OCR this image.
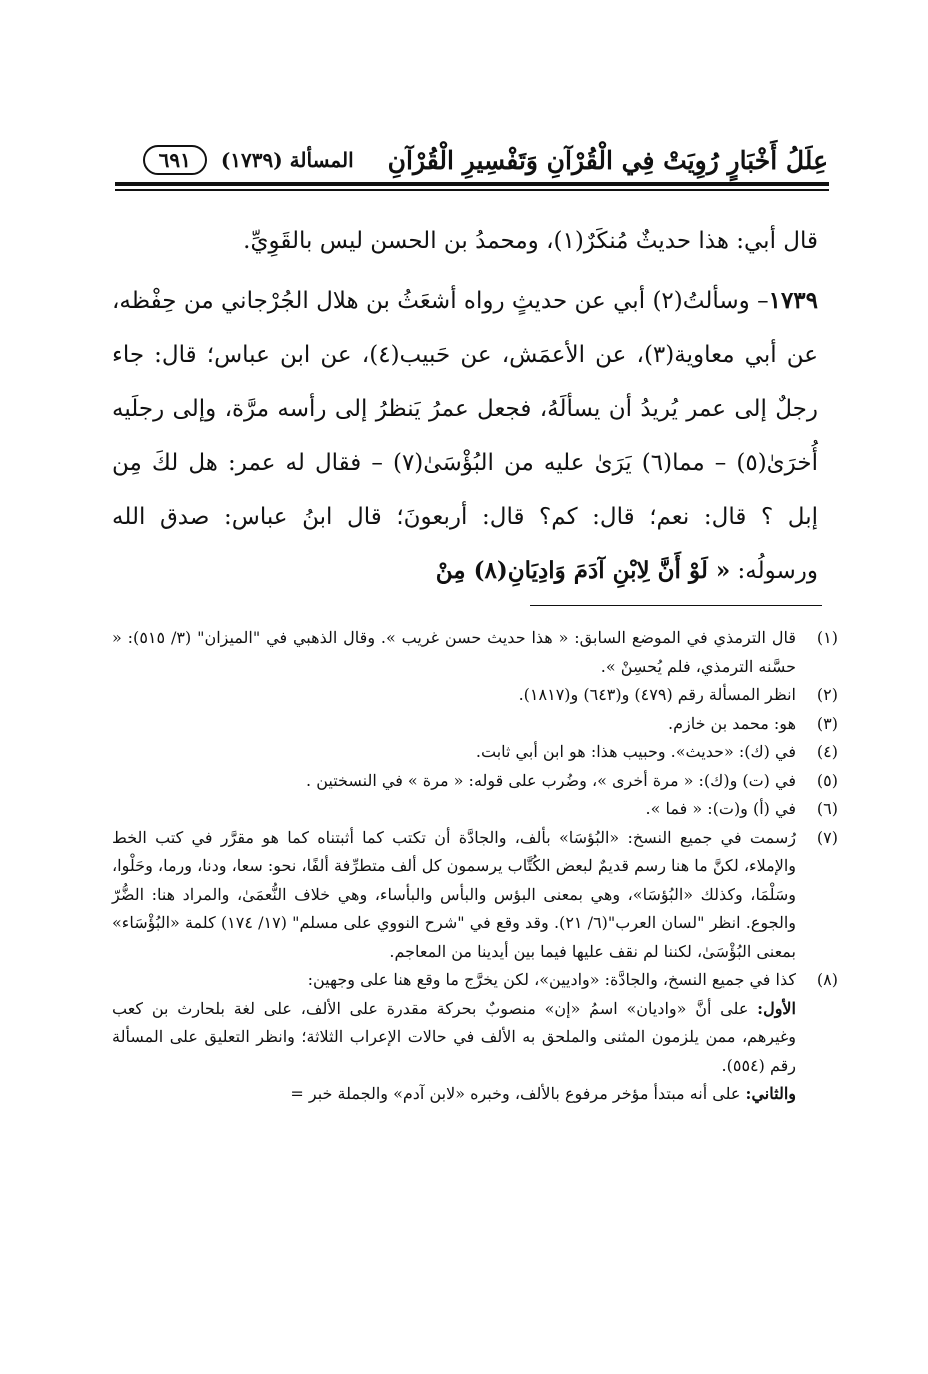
عِلَلُ أَخْبَارٍ رُوِيَتْ فِي الْقُرْآنِ وَتَفْسِيرِ الْقُرْآنِ
المسألة (١٧٣٩)
٦٩١

قال أبي: هذا حديثٌ مُنكَرٌ(١)، ومحمدُ بن الحسن ليس بالقَوِيِّ.

١٧٣٩– وسألتُ(٢) أبي عن حديثٍ رواه أشعَثُ بن هلال الجُرْجاني من حِفْظه، عن أبي معاوية(٣)، عن الأعمَش، عن حَبيب(٤)، عن ابن عباس؛ قال: جاء رجلٌ إلى عمر يُريدُ أن يسألَهُ، فجعل عمرُ يَنظرُ إلى رأسه مرَّة، وإلى رجلَيه أُخرَىٰ(٥) – مما(٦) يَرَىٰ عليه من البُؤْسَىٰ(٧) – فقال له عمر: هل لكَ مِن إبل ؟ قال: نعم؛ قال: كم؟ قال: أربعونَ؛ قال ابنُ عباس: صدق الله ورسولُه: « لَوْ أَنَّ لِابْنِ آدَمَ وَادِيَانِ(٨) مِنْ

(١)

قال الترمذي في الموضع السابق: « هذا حديث حسن غريب ». وقال الذهبي في "الميزان" (٣/ ٥١٥): « حسَّنه الترمذي، فلم يُحسِنْ ».

(٢)

انظر المسألة رقم (٤٧٩) و(٦٤٣) و(١٨١٧).

(٣)

هو: محمد بن خازم.

(٤)

في (ك): «حديث». وحبيب هذا: هو ابن أبي ثابت.

(٥)

في (ت) و(ك): « مرة أخرى »، وضُرب على قوله: « مرة » في النسختين .

(٦)

في (أ) و(ت): « فما ».

(٧)

رُسمت في جميع النسخ: «البُؤسَا» بألف، والجادَّة أن تكتب كما أثبتناه كما هو مقرَّر في كتب الخط والإملاء، لكنَّ ما هنا رسم قديمٌ لبعض الكُتَّاب يرسمون كل ألف متطرِّفة ألفًا، نحو: سعا، ودنا، ورما، وحَلْوا، وسَلْمَا، وكذلك «البُؤسَا»، وهي بمعنى البؤس والبأس والبأساء، وهي خلاف النُّعمَىٰ، والمراد هنا: الضُّرّ والجوع. انظر "لسان العرب"(٦/ ٢١). وقد وقع في "شرح النووي على مسلم" (١٧/ ١٧٤) كلمة «البُؤْسَاء» بمعنى البُؤْسَىٰ، لكننا لم نقف عليها فيما بين أيدينا من المعاجم.

(٨)

كذا في جميع النسخ، والجادَّة: «واديين»، لكن يخرَّج ما وقع هنا على وجهين:

الأول: على أنَّ «واديان» اسمُ «إن» منصوبٌ بحركة مقدرة على الألف، على لغة بلحارث بن كعب وغيرهم، ممن يلزمون المثنى والملحق به الألف في حالات الإعراب الثلاثة؛ وانظر التعليق على المسألة رقم (٥٥٤).

والثاني: على أنه مبتدأ مؤخر مرفوع بالألف، وخبره «لابن آدم» والجملة خبر =
